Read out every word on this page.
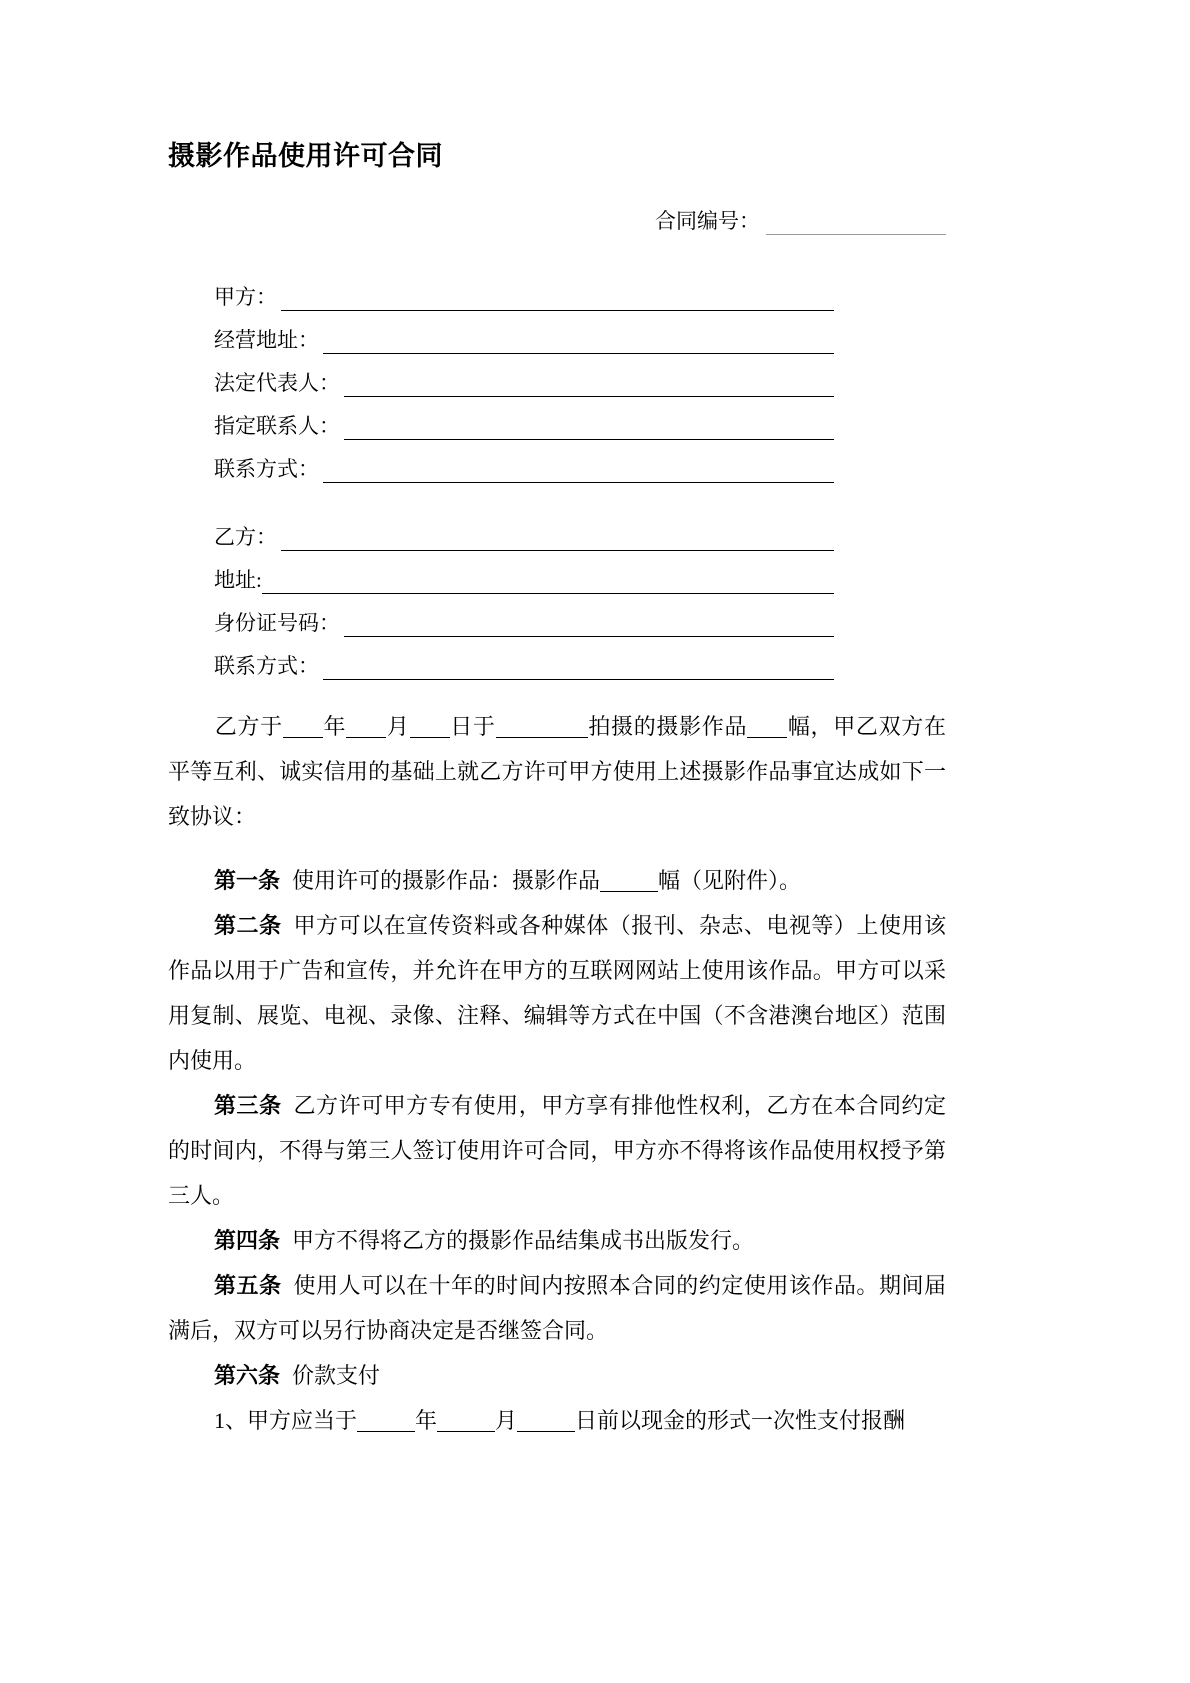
摄影作品使用许可合同
合同编号：
甲方：
经营地址：
法定代表人：
指定联系人：
联系方式：
乙方：
地址:
身份证号码：
联系方式：
乙方于 年 月 日于	拍摄的摄影作品 幅，甲乙双方在平等互利、诚实信用的基础上就乙方许可甲方使用上述摄影作品事宜达成如下一致协议：
第一条 使用许可的摄影作品：摄影作品	幅（见附件）。
第二条 甲方可以在宣传资料或各种媒体（报刊、杂志、电视等）上使用该作品以用于广告和宣传，并允许在甲方的互联网网站上使用该作品。甲方可以采用复制、展览、电视、录像、注释、编辑等方式在中国（不含港澳台地区）范围内使用。
第三条 乙方许可甲方专有使用，甲方享有排他性权利，乙方在本合同约定的时间内，不得与第三人签订使用许可合同，甲方亦不得将该作品使用权授予第三人。
第四条 甲方不得将乙方的摄影作品结集成书出版发行。
第五条 使用人可以在十年的时间内按照本合同的约定使用该作品。期间届满后，双方可以另行协商决定是否继签合同。
第六条 价款支付
1、甲方应当于	年	月	日前以现金的形式一次性支付报酬
